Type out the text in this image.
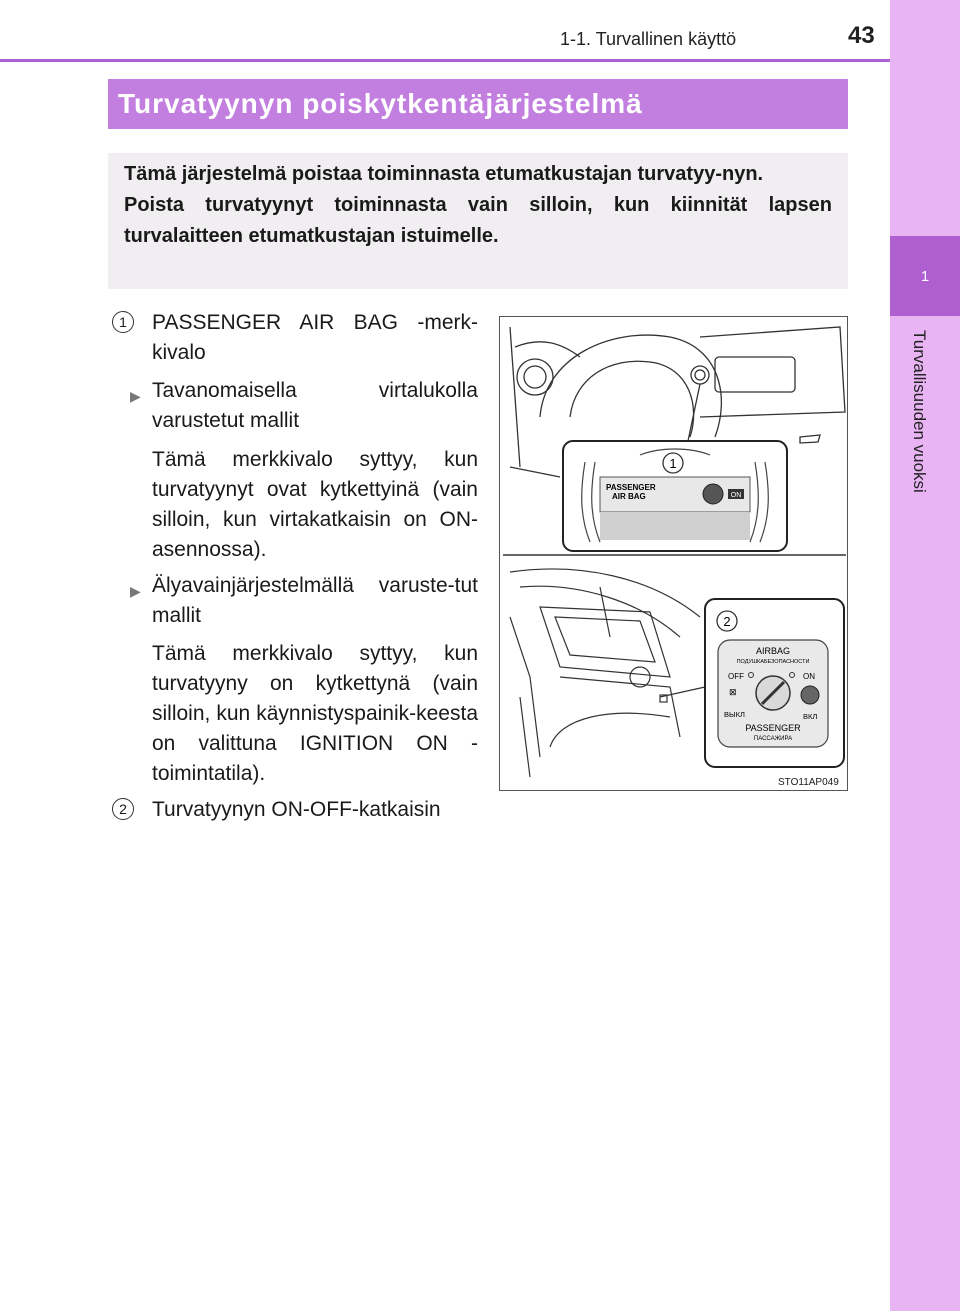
1
Turvallisuuden vuoksi
1-1. Turvallinen käyttö	43
Turvatyynyn poiskytkentäjärjestelmä

Tämä järjestelmä poistaa toiminnasta etumatkustajan turvatyy-nyn.

Poista turvatyynyt toiminnasta vain silloin, kun kiinnität lapsen turvalaitteen etumatkustajan istuimelle.

1	PASSENGER AIR BAG -merk-kivalo
▶ Tavanomaisella virtalukolla varustetut mallit
Tämä merkkivalo syttyy, kun turvatyynyt ovat kytkettyinä (vain silloin, kun virtakatkaisin on ON-asennossa).
▶ Älyavainjärjestelmällä varuste-tut mallit
Tämä merkkivalo syttyy, kun turvatyyny on kytkettynä (vain silloin, kun käynnistyspainik-keesta on valittuna IGNITION ON -toimintatila).
2	Turvatyynyn ON-OFF-katkaisin
1
PASSENGER
AIR BAG	ON
2
AIRBAG
ПОДУШКАБЕЗОПАСНОСТИ
OFF	ON
⊠
ВЫКЛ	ВКЛ
PASSENGER
ПАССАЖИРА
STO11AP049
